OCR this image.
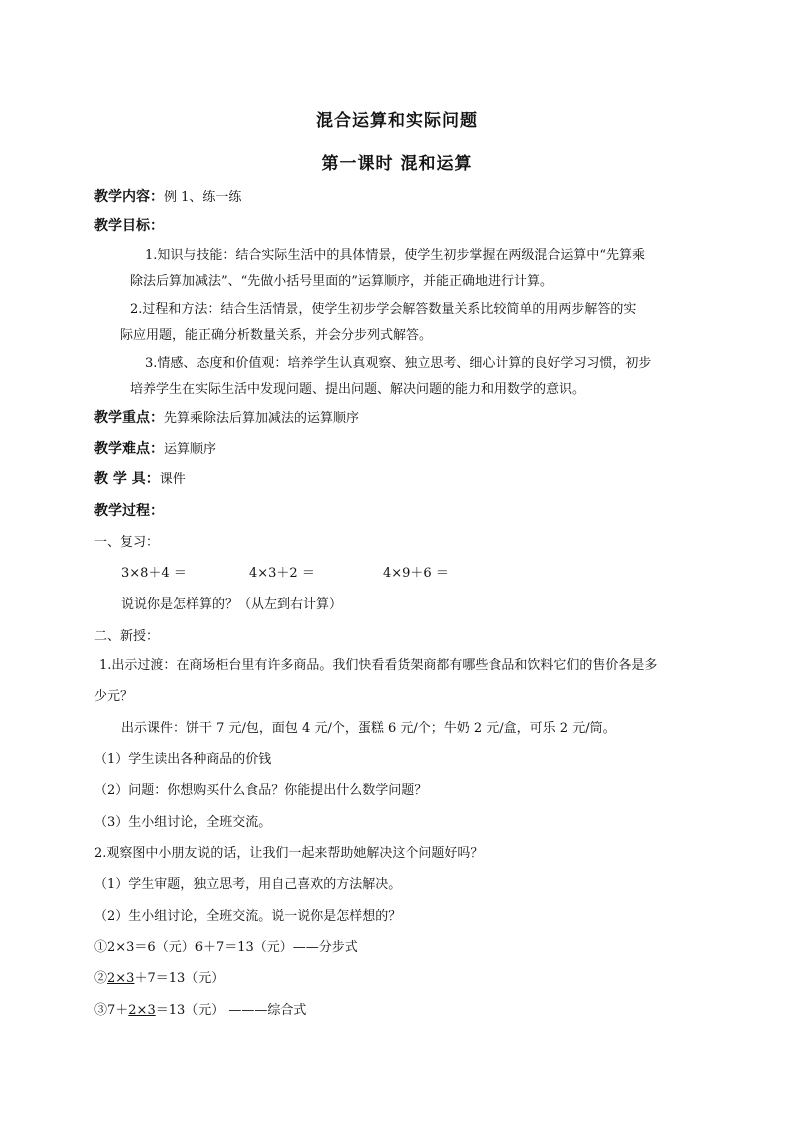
混合运算和实际问题
第一课时 混和运算
教学内容：例 1、练一练
教学目标：
1.知识与技能：结合实际生活中的具体情景，使学生初步掌握在两级混合运算中“先算乘
除法后算加减法”、“先做小括号里面的”运算顺序，并能正确地进行计算。
2.过程和方法：结合生活情景，使学生初步学会解答数量关系比较简单的用两步解答的实
际应用题，能正确分析数量关系，并会分步列式解答。
3.情感、态度和价值观：培养学生认真观察、独立思考、细心计算的良好学习习惯，初步
培养学生在实际生活中发现问题、提出问题、解决问题的能力和用数学的意识。
教学重点：先算乘除法后算加减法的运算顺序
教学难点：运算顺序
教 学 具：课件
教学过程：
一、复习：
3×8＋4 ＝	4×3＋2 ＝	4×9＋6 ＝
说说你是怎样算的？（从左到右计算）
二、新授：
1.出示过渡：在商场柜台里有许多商品。我们快看看货架商都有哪些食品和饮料它们的售价各是多
少元？
出示课件：饼干 7 元/包，面包 4 元/个，蛋糕 6 元/个；牛奶 2 元/盒，可乐 2 元/筒。
（1）学生读出各种商品的价钱
（2）问题：你想购买什么食品？你能提出什么数学问题？
（3）生小组讨论，全班交流。
2.观察图中小朋友说的话，让我们一起来帮助她解决这个问题好吗？
（1）学生审题，独立思考，用自己喜欢的方法解决。
（2）生小组讨论，全班交流。说一说你是怎样想的？
①2×3＝6（元）6＋7＝13（元）——分步式
②2×3＋7＝13（元）
③7＋2×3＝13（元） ———综合式
